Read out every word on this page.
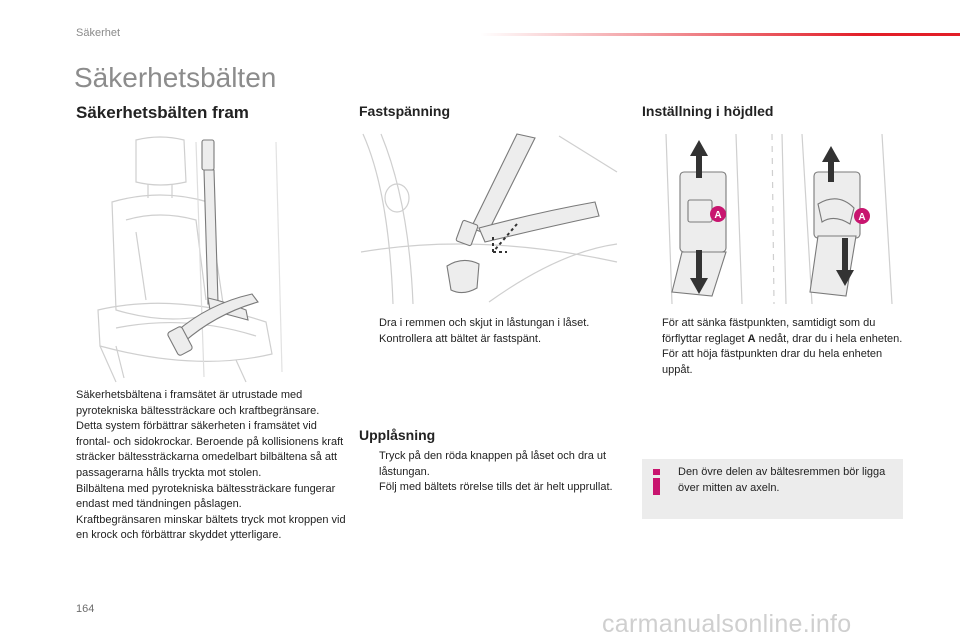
Säkerhet
Säkerhetsbälten
Säkerhetsbälten fram

Säkerhetsbältena i framsätet är utrustade med pyrotekniska bältessträckare och kraftbegränsare.

Detta system förbättrar säkerheten i framsätet vid frontal- och sidokrockar. Beroende på kollisionens kraft sträcker bältessträckarna omedelbart bilbältena så att passagerarna hålls tryckta mot stolen.

Bilbältena med pyrotekniska bältessträckare fungerar endast med tändningen påslagen.

Kraftbegränsaren minskar bältets tryck mot kroppen vid en krock och förbättrar skyddet ytterligare.

Fastspänning
Dra i remmen och skjut in låstungan i låset.
Kontrollera att bältet är fastspänt.
Upplåsning
Tryck på den röda knappen på låset och dra ut låstungan.
Följ med bältets rörelse tills det är helt upprullat.
Inställning i höjdled
A	A
För att sänka fästpunkten, samtidigt som du förflyttar reglaget A nedåt, drar du i hela enheten.
För att höja fästpunkten drar du hela enheten uppåt.
Den övre delen av bältesremmen bör ligga över mitten av axeln.
164
carmanualsonline.info
